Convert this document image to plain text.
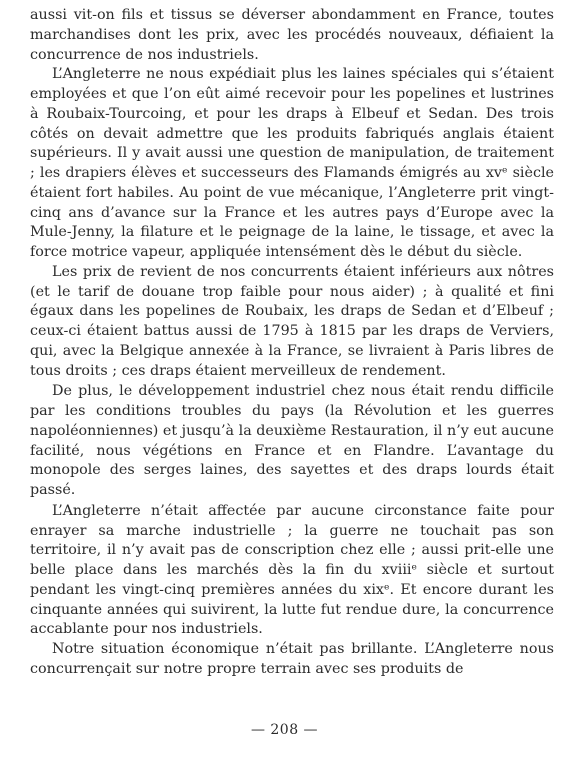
aussi vit-on fils et tissus se déverser abondamment en France, toutes marchandises dont les prix, avec les procédés nouveaux, défiaient la concurrence de nos industriels.

L’Angleterre ne nous expédiait plus les laines spéciales qui s’étaient employées et que l’on eût aimé recevoir pour les popelines et lustrines à Roubaix-Tourcoing, et pour les draps à Elbeuf et Sedan. Des trois côtés on devait admettre que les produits fabriqués anglais étaient supérieurs. Il y avait aussi une question de manipulation, de traitement ; les drapiers élèves et successeurs des Flamands émigrés au xvᵉ siècle étaient fort habiles. Au point de vue mécanique, l’Angleterre prit vingt-cinq ans d’avance sur la France et les autres pays d’Europe avec la Mule-Jenny, la filature et le peignage de la laine, le tissage, et avec la force motrice vapeur, appliquée intensément dès le début du siècle.

Les prix de revient de nos concurrents étaient inférieurs aux nôtres (et le tarif de douane trop faible pour nous aider) ; à qualité et fini égaux dans les popelines de Roubaix, les draps de Sedan et d’Elbeuf ; ceux-ci étaient battus aussi de 1795 à 1815 par les draps de Verviers, qui, avec la Belgique annexée à la France, se livraient à Paris libres de tous droits ; ces draps étaient merveilleux de rendement.

De plus, le développement industriel chez nous était rendu difficile par les conditions troubles du pays (la Révolution et les guerres napoléonniennes) et jusqu’à la deuxième Restauration, il n’y eut aucune facilité, nous végétions en France et en Flandre. L’avantage du monopole des serges laines, des sayettes et des draps lourds était passé.

L’Angleterre n’était affectée par aucune circonstance faite pour enrayer sa marche industrielle ; la guerre ne touchait pas son territoire, il n’y avait pas de conscription chez elle ; aussi prit-elle une belle place dans les marchés dès la fin du xviiiᵉ siècle et surtout pendant les vingt-cinq premières années du xixᵉ. Et encore durant les cinquante années qui suivirent, la lutte fut rendue dure, la concurrence accablante pour nos industriels.

Notre situation économique n’était pas brillante. L’Angleterre nous concurrençait sur notre propre terrain avec ses produits de

— 208 —
